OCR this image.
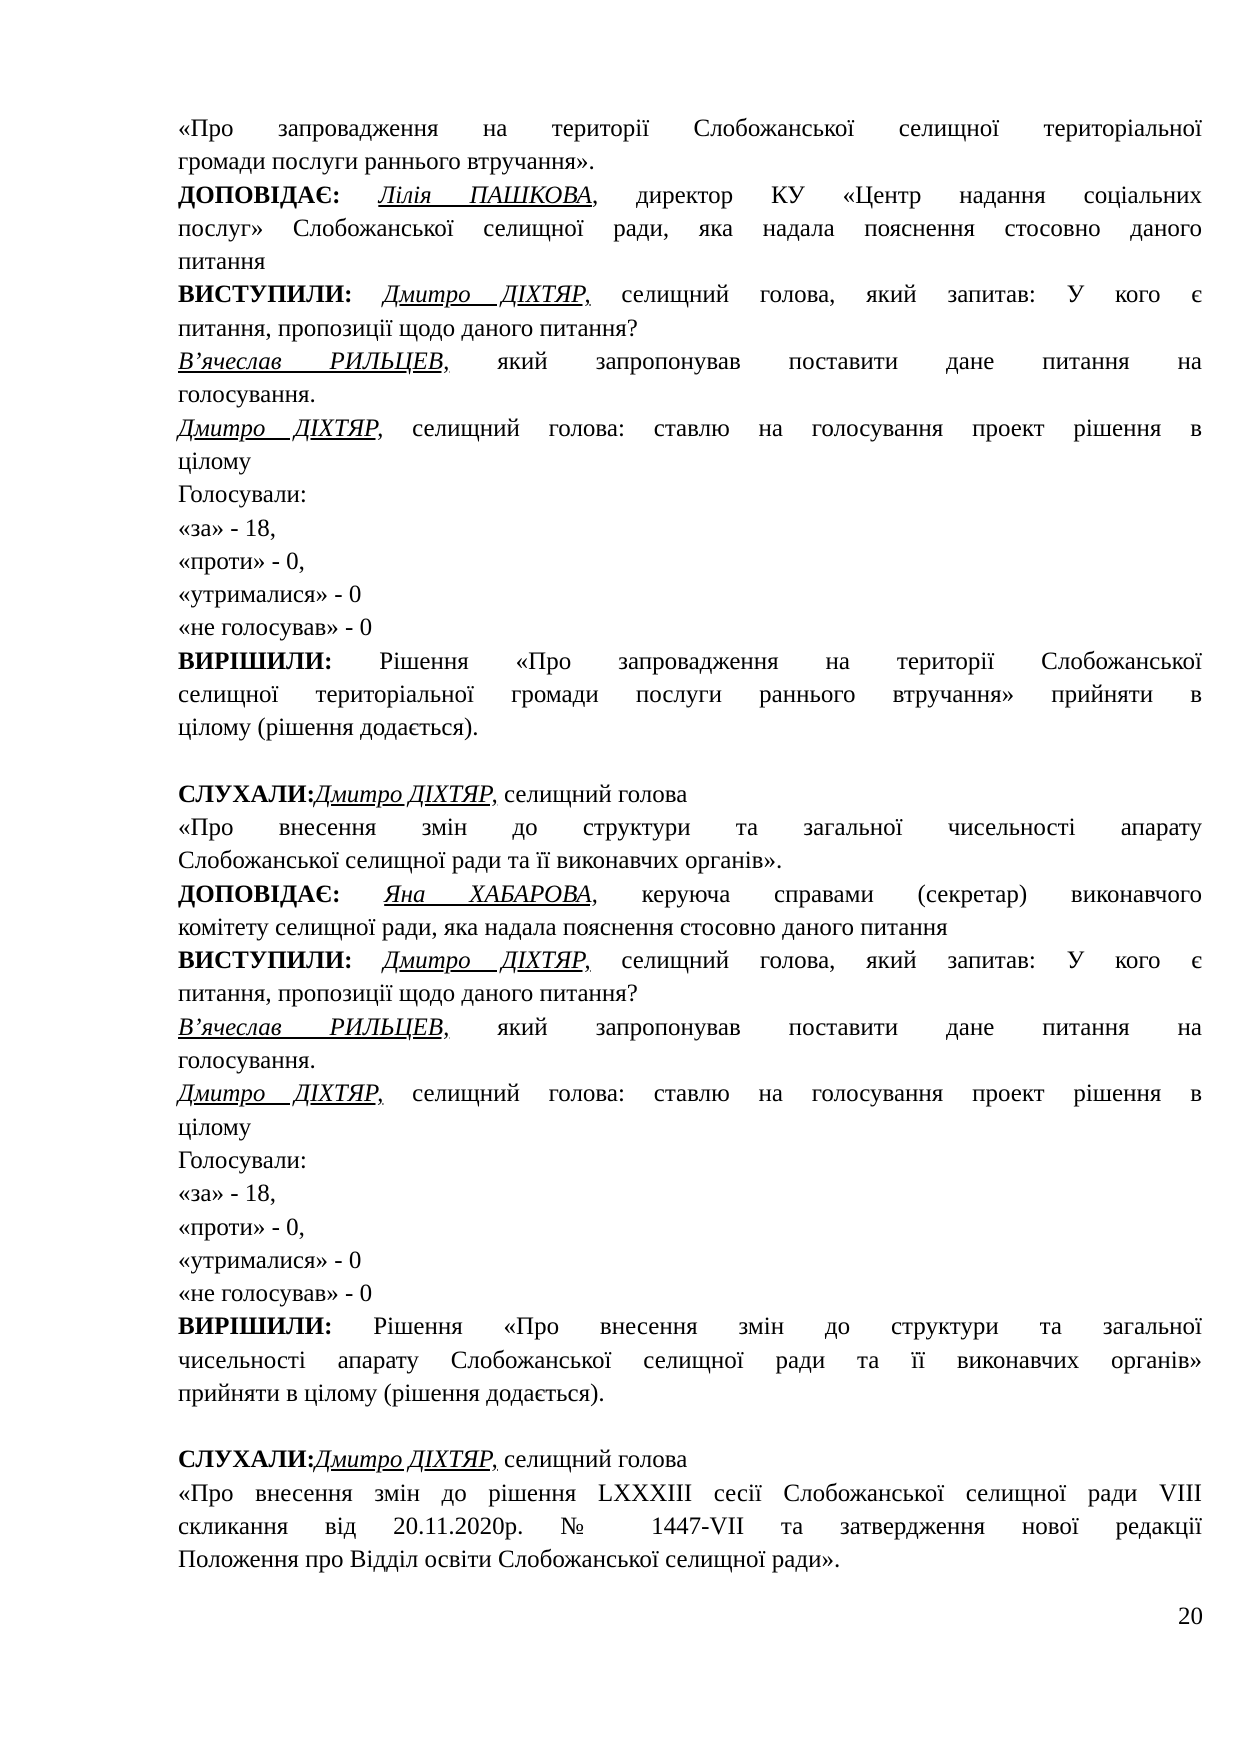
«Про запровадження на території Слобожанської селищної територіальної
громади послуги раннього втручання».
ДОПОВІДАЄ: Лілія ПАШКОВА, директор КУ «Центр надання соціальних
послуг» Слобожанської селищної ради, яка надала пояснення стосовно даного
питання
ВИСТУПИЛИ: Дмитро ДІХТЯР, селищний голова, який запитав: У кого є
питання, пропозиції щодо даного питання?
В’ячеслав РИЛЬЦЕВ, який запропонував поставити дане питання на
голосування.
Дмитро ДІХТЯР, селищний голова: ставлю на голосування проект рішення в
цілому
Голосували:
«за» - 18,
«проти» - 0,
«утрималися» - 0
«не голосував» - 0
ВИРІШИЛИ: Рішення «Про запровадження на території Слобожанської
селищної територіальної громади послуги раннього втручання» прийняти в
цілому (рішення додається).
СЛУХАЛИ:Дмитро ДІХТЯР, селищний голова
«Про внесення змін до структури та загальної чисельності апарату
Слобожанської селищної ради та її виконавчих органів».
ДОПОВІДАЄ: Яна ХАБАРОВА, керуюча справами (секретар) виконавчого
комітету селищної ради, яка надала пояснення стосовно даного питання
ВИСТУПИЛИ: Дмитро ДІХТЯР, селищний голова, який запитав: У кого є
питання, пропозиції щодо даного питання?
В’ячеслав РИЛЬЦЕВ, який запропонував поставити дане питання на
голосування.
Дмитро ДІХТЯР, селищний голова: ставлю на голосування проект рішення в
цілому
Голосували:
«за» - 18,
«проти» - 0,
«утрималися» - 0
«не голосував» - 0
ВИРІШИЛИ: Рішення «Про внесення змін до структури та загальної
чисельності апарату Слобожанської селищної ради та її виконавчих органів»
прийняти в цілому (рішення додається).
СЛУХАЛИ:Дмитро ДІХТЯР, селищний голова
«Про внесення змін до рішення LXXXIII сесії Слобожанської селищної ради VIII
скликання від 20.11.2020р. № 1447-VII та затвердження нової редакції
Положення про Відділ освіти Слобожанської селищної ради».
20
